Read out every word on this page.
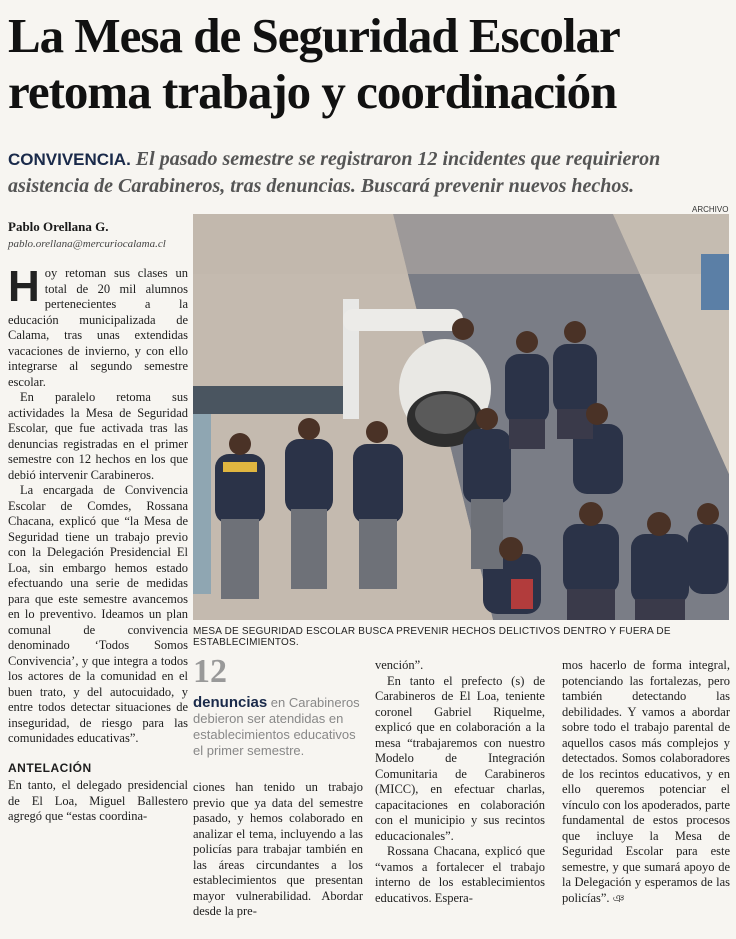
La Mesa de Seguridad Escolar
retoma trabajo y coordinación
CONVIVENCIA. El pasado semestre se registraron 12 incidentes que requirieron asistencia de Carabineros, tras denuncias. Buscará prevenir nuevos hechos.
Pablo Orellana G.
pablo.orellana@mercuriocalama.cl

Hoy retoman sus clases un total de 20 mil alumnos pertenecientes a la educación municipalizada de Calama, tras unas extendidas vacaciones de invierno, y con ello integrarse al segundo semestre escolar.

En paralelo retoma sus actividades la Mesa de Seguridad Escolar, que fue activada tras las denuncias registradas en el primer semestre con 12 hechos en los que debió intervenir Carabineros.

La encargada de Convivencia Escolar de Comdes, Rossana Chacana, explicó que “la Mesa de Seguridad tiene un trabajo previo con la Delegación Presidencial El Loa, sin embargo hemos estado efectuando una serie de medidas para que este semestre avancemos en lo preventivo. Ideamos un plan comunal de convivencia denominado ‘Todos Somos Convivencia’, y que integra a todos los actores de la comunidad en el buen trato, y del autocuidado, y entre todos detectar situaciones de inseguridad, de riesgo para las comunidades educativas”.

ANTELACIÓN

En tanto, el delegado presidencial de El Loa, Miguel Ballestero agregó que “estas coordina-

ARCHIVO
MESA DE SEGURIDAD ESCOLAR BUSCA PREVENIR HECHOS DELICTIVOS DENTRO Y FUERA DE ESTABLECIMIENTOS.
12
denuncias en Carabineros debieron ser atendidas en establecimientos educativos el primer semestre.

ciones han tenido un trabajo previo que ya data del semestre pasado, y hemos colaborado en analizar el tema, incluyendo a las policías para trabajar también en las áreas circundantes a los establecimientos que presentan mayor vulnerabilidad. Abordar desde la pre-

vención”.

En tanto el prefecto (s) de Carabineros de El Loa, teniente coronel Gabriel Riquelme, explicó que en colaboración a la mesa “trabajaremos con nuestro Modelo de Integración Comunitaria de Carabineros (MICC), en efectuar charlas, capacitaciones en colaboración con el municipio y sus recintos educacionales”.

Rossana Chacana, explicó que “vamos a fortalecer el trabajo interno de los establecimientos educativos. Espera-

mos hacerlo de forma integral, potenciando las fortalezas, pero también detectando las debilidades. Y vamos a abordar sobre todo el trabajo parental de aquellos casos más complejos y detectados. Somos colaboradores de los recintos educativos, y en ello queremos potenciar el vínculo con los apoderados, parte fundamental de estos procesos que incluye la Mesa de Seguridad Escolar para este semestre, y que sumará apoyo de la Delegación y esperamos de las policías”. ঞ
